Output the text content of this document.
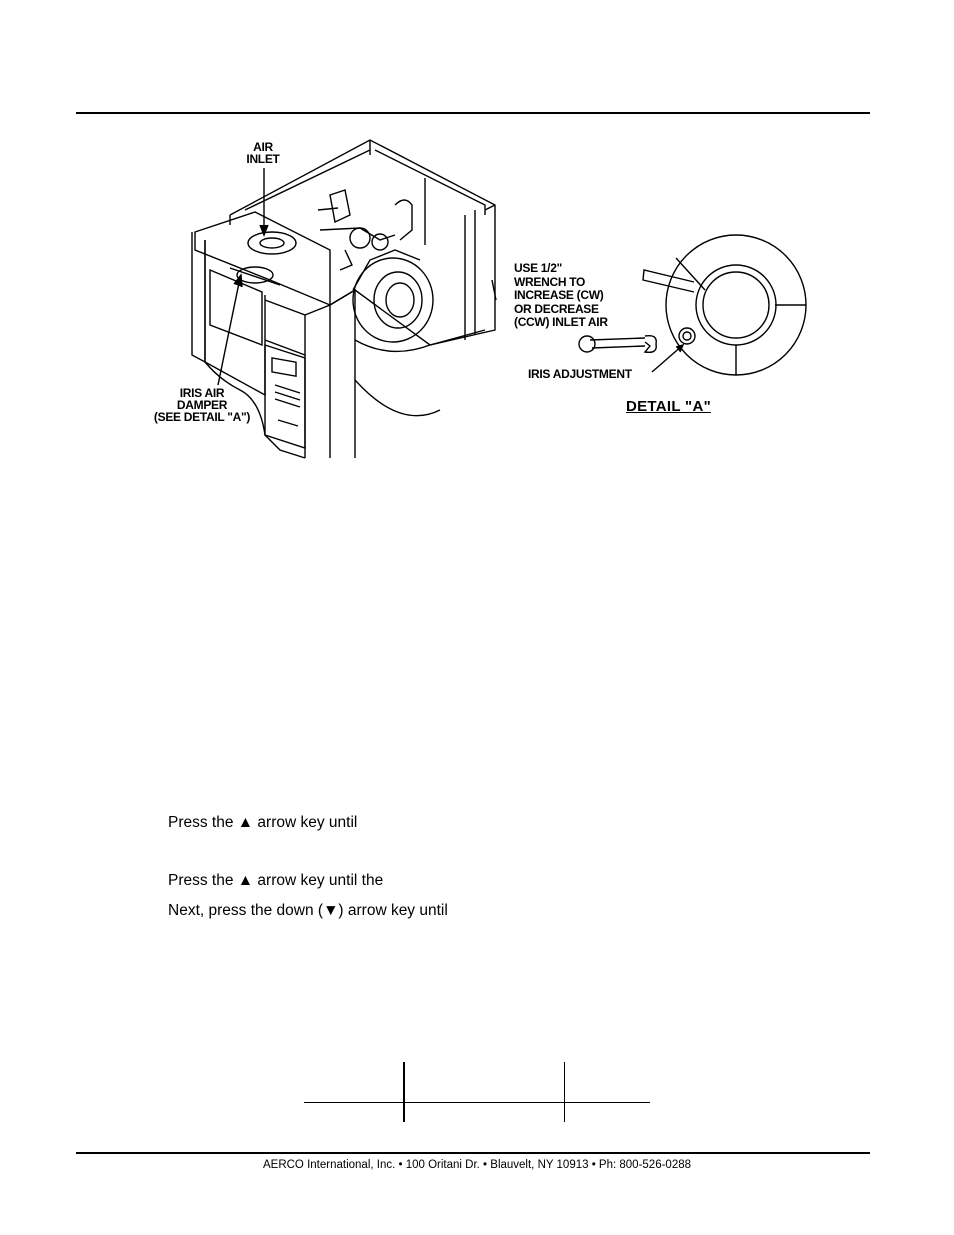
AIR
INLET
IRIS AIR
DAMPER
(SEE DETAIL "A")
USE 1/2"
WRENCH TO
INCREASE (CW)
OR DECREASE
(CCW) INLET AIR
IRIS ADJUSTMENT
DETAIL "A"
Press the ▲ arrow key until
Press the ▲ arrow key until the
Next, press the down (▼) arrow key until
AERCO International, Inc. • 100 Oritani Dr. • Blauvelt, NY 10913 • Ph: 800-526-0288
